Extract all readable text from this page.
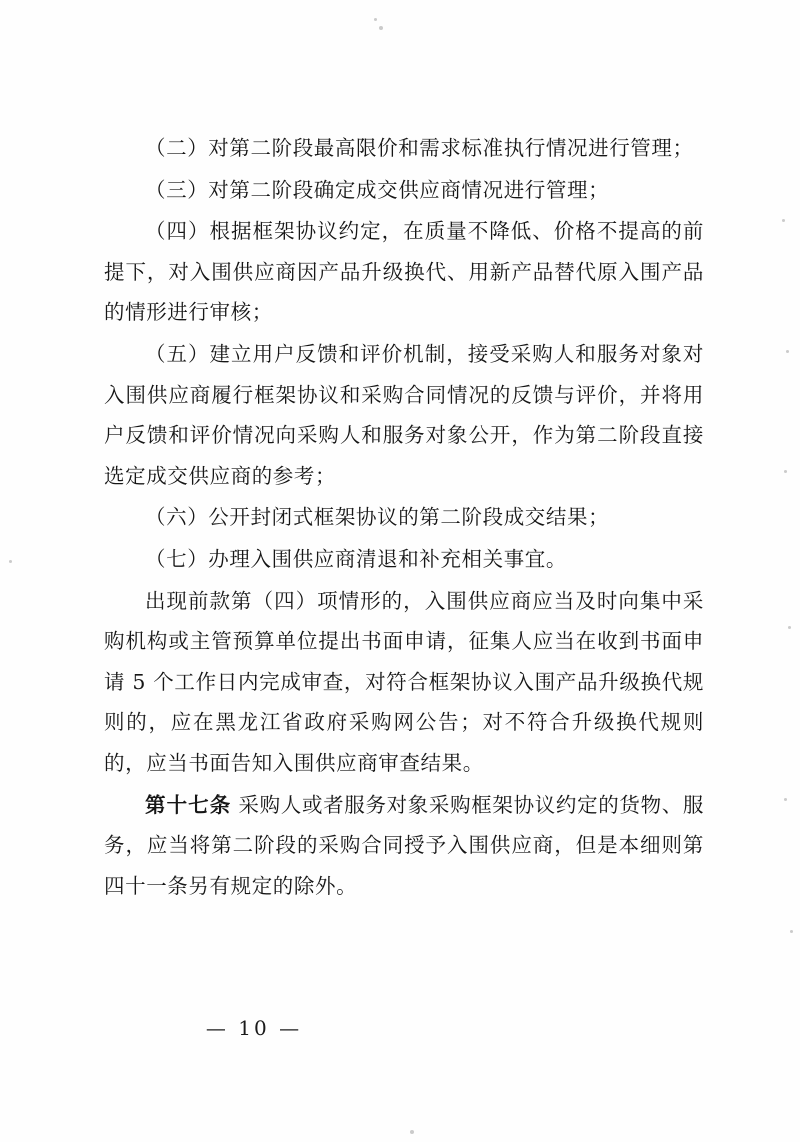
（二）对第二阶段最高限价和需求标准执行情况进行管理；

（三）对第二阶段确定成交供应商情况进行管理；

（四）根据框架协议约定，在质量不降低、价格不提高的前提下，对入围供应商因产品升级换代、用新产品替代原入围产品的情形进行审核；

（五）建立用户反馈和评价机制，接受采购人和服务对象对入围供应商履行框架协议和采购合同情况的反馈与评价，并将用户反馈和评价情况向采购人和服务对象公开，作为第二阶段直接选定成交供应商的参考；

（六）公开封闭式框架协议的第二阶段成交结果；

（七）办理入围供应商清退和补充相关事宜。

出现前款第（四）项情形的，入围供应商应当及时向集中采购机构或主管预算单位提出书面申请，征集人应当在收到书面申请 5 个工作日内完成审查，对符合框架协议入围产品升级换代规则的，应在黑龙江省政府采购网公告；对不符合升级换代规则的，应当书面告知入围供应商审查结果。

第十七条 采购人或者服务对象采购框架协议约定的货物、服务，应当将第二阶段的采购合同授予入围供应商，但是本细则第四十一条另有规定的除外。

— 10 —
